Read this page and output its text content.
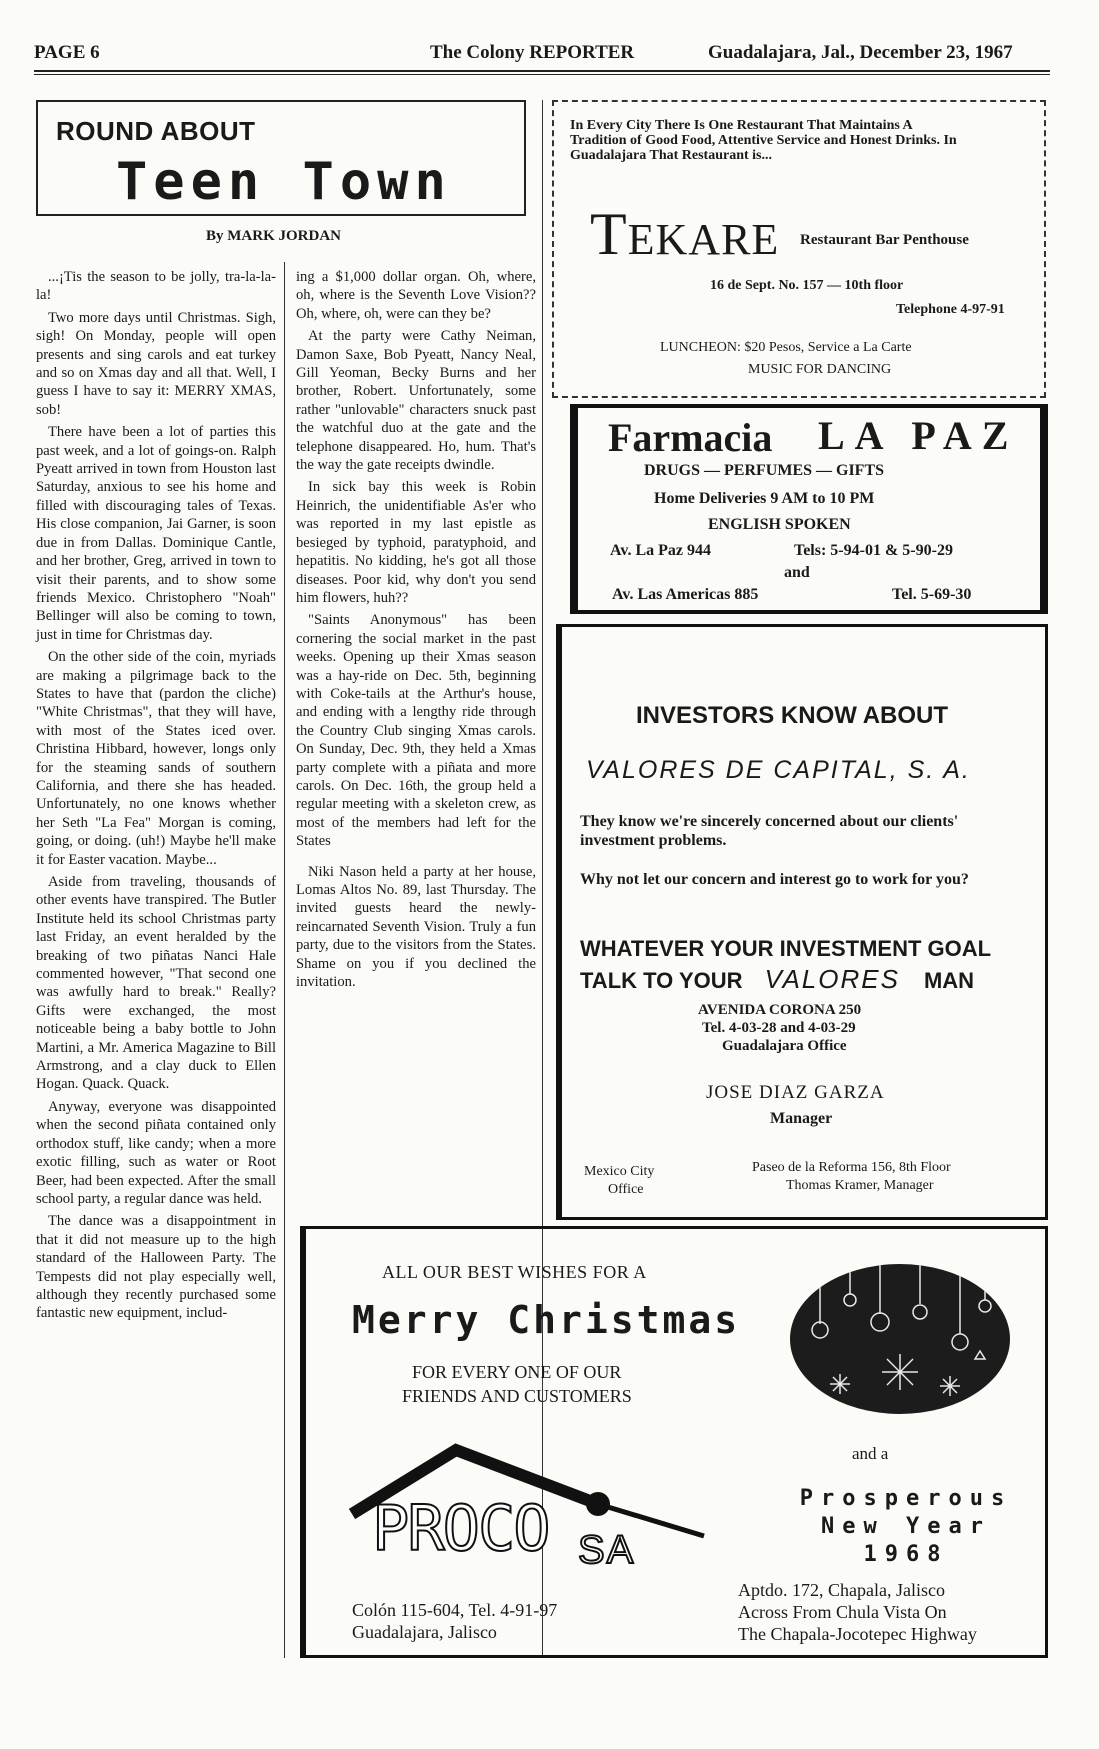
PAGE 6	The Colony REPORTER	Guadalajara, Jal., December 23, 1967
ROUND ABOUT
Teen Town
By MARK JORDAN

...¡Tis the season to be jolly, tra-la-la-la!

Two more days until Christmas. Sigh, sigh! On Monday, people will open presents and sing carols and eat turkey and so on Xmas day and all that. Well, I guess I have to say it: MERRY XMAS, sob!

There have been a lot of parties this past week, and a lot of goings-on. Ralph Pyeatt arrived in town from Houston last Saturday, anxious to see his home and filled with discouraging tales of Texas. His close companion, Jai Garner, is soon due in from Dallas. Dominique Cantle, and her brother, Greg, arrived in town to visit their parents, and to show some friends Mexico. Christophero "Noah" Bellinger will also be coming to town, just in time for Christmas day.

On the other side of the coin, myriads are making a pilgrimage back to the States to have that (pardon the cliche) "White Christmas", that they will have, with most of the States iced over. Christina Hibbard, however, longs only for the steaming sands of southern California, and there she has headed. Unfortunately, no one knows whether her Seth "La Fea" Morgan is coming, going, or doing. (uh!) Maybe he'll make it for Easter vacation. Maybe...

Aside from traveling, thousands of other events have transpired. The Butler Institute held its school Christmas party last Friday, an event heralded by the breaking of two piñatas Nanci Hale commented however, "That second one was awfully hard to break." Really? Gifts were exchanged, the most noticeable being a baby bottle to John Martini, a Mr. America Magazine to Bill Armstrong, and a clay duck to Ellen Hogan. Quack. Quack.

Anyway, everyone was disappointed when the second piñata contained only orthodox stuff, like candy; when a more exotic filling, such as water or Root Beer, had been expected. After the small school party, a regular dance was held.

The dance was a disappointment in that it did not measure up to the high standard of the Halloween Party. The Tempests did not play especially well, although they recently purchased some fantastic new equipment, includ-

ing a $1,000 dollar organ. Oh, where, oh, where is the Seventh Love Vision?? Oh, where, oh, were can they be?

At the party were Cathy Neiman, Damon Saxe, Bob Pyeatt, Nancy Neal, Gill Yeoman, Becky Burns and her brother, Robert. Unfortunately, some rather "unlovable" characters snuck past the watchful duo at the gate and the telephone disappeared. Ho, hum. That's the way the gate receipts dwindle.

In sick bay this week is Robin Heinrich, the unidentifiable As'er who was reported in my last epistle as besieged by typhoid, paratyphoid, and hepatitis. No kidding, he's got all those diseases. Poor kid, why don't you send him flowers, huh??

"Saints Anonymous" has been cornering the social market in the past weeks. Opening up their Xmas season was a hay-ride on Dec. 5th, beginning with Coke-tails at the Arthur's house, and ending with a lengthy ride through the Country Club singing Xmas carols. On Sunday, Dec. 9th, they held a Xmas party complete with a piñata and more carols. On Dec. 16th, the group held a regular meeting with a skeleton crew, as most of the members had left for the States

Niki Nason held a party at her house, Lomas Altos No. 89, last Thursday. The invited guests heard the newly-reincarnated Seventh Vision. Truly a fun party, due to the visitors from the States. Shame on you if you declined the invitation.

In Every City There Is One Restaurant That Maintains A Tradition of Good Food, Attentive Service and Honest Drinks. In Guadalajara That Restaurant is...
TEKARE Restaurant Bar Penthouse
16 de Sept. No. 157 — 10th floor
Telephone 4-97-91
LUNCHEON: $20 Pesos, Service a La Carte
MUSIC FOR DANCING
Farmacia LA PAZ
DRUGS — PERFUMES — GIFTS
Home Deliveries 9 AM to 10 PM
ENGLISH SPOKEN
Av. La Paz 944	Tels: 5-94-01 & 5-90-29
and
Av. Las Americas 885	Tel. 5-69-30
INVESTORS KNOW ABOUT
VALORES DE CAPITAL, S. A.
They know we're sincerely concerned about our clients' investment problems.
Why not let our concern and interest go to work for you?
WHATEVER YOUR INVESTMENT GOAL
TALK TO YOUR VALORES MAN
AVENIDA CORONA 250
Tel. 4-03-28 and 4-03-29
Guadalajara Office
JOSE DIAZ GARZA
Manager
Mexico City
Office
Paseo de la Reforma 156, 8th Floor
Thomas Kramer, Manager
ALL OUR BEST WISHES FOR A
Merry Christmas
FOR EVERY ONE OF OUR
FRIENDS AND CUSTOMERS
and a
Prosperous
New Year
1968
PROCO SA
Colón 115-604, Tel. 4-91-97
Guadalajara, Jalisco
Aptdo. 172, Chapala, Jalisco
Across From Chula Vista On
The Chapala-Jocotepec Highway
